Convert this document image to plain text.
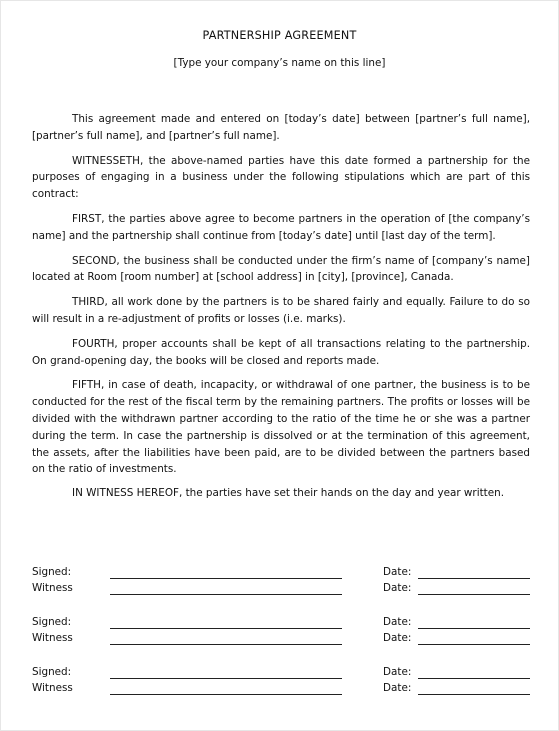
PARTNERSHIP AGREEMENT
[Type your company’s name on this line]

This agreement made and entered on [today’s date] between [partner’s full name], [partner’s full name], and [partner’s full name].

WITNESSETH, the above-named parties have this date formed a partnership for the purposes of engaging in a business under the following stipulations which are part of this contract:

FIRST, the parties above agree to become partners in the operation of [the company’s name] and the partnership shall continue from [today’s date] until [last day of the term].

SECOND, the business shall be conducted under the firm’s name of [company’s name] located at Room [room number] at [school address] in [city], [province], Canada.

THIRD, all work done by the partners is to be shared fairly and equally. Failure to do so will result in a re-adjustment of profits or losses (i.e. marks).

FOURTH, proper accounts shall be kept of all transactions relating to the partnership. On grand-opening day, the books will be closed and reports made.

FIFTH, in case of death, incapacity, or withdrawal of one partner, the business is to be conducted for the rest of the fiscal term by the remaining partners. The profits or losses will be divided with the withdrawn partner according to the ratio of the time he or she was a partner during the term. In case the partnership is dissolved or at the termination of this agreement, the assets, after the liabilities have been paid, are to be divided between the partners based on the ratio of investments.

IN WITNESS HEREOF, the parties have set their hands on the day and year written.

Signed:	Date:
Witness	Date:
Signed:	Date:
Witness	Date:
Signed:	Date:
Witness	Date:
